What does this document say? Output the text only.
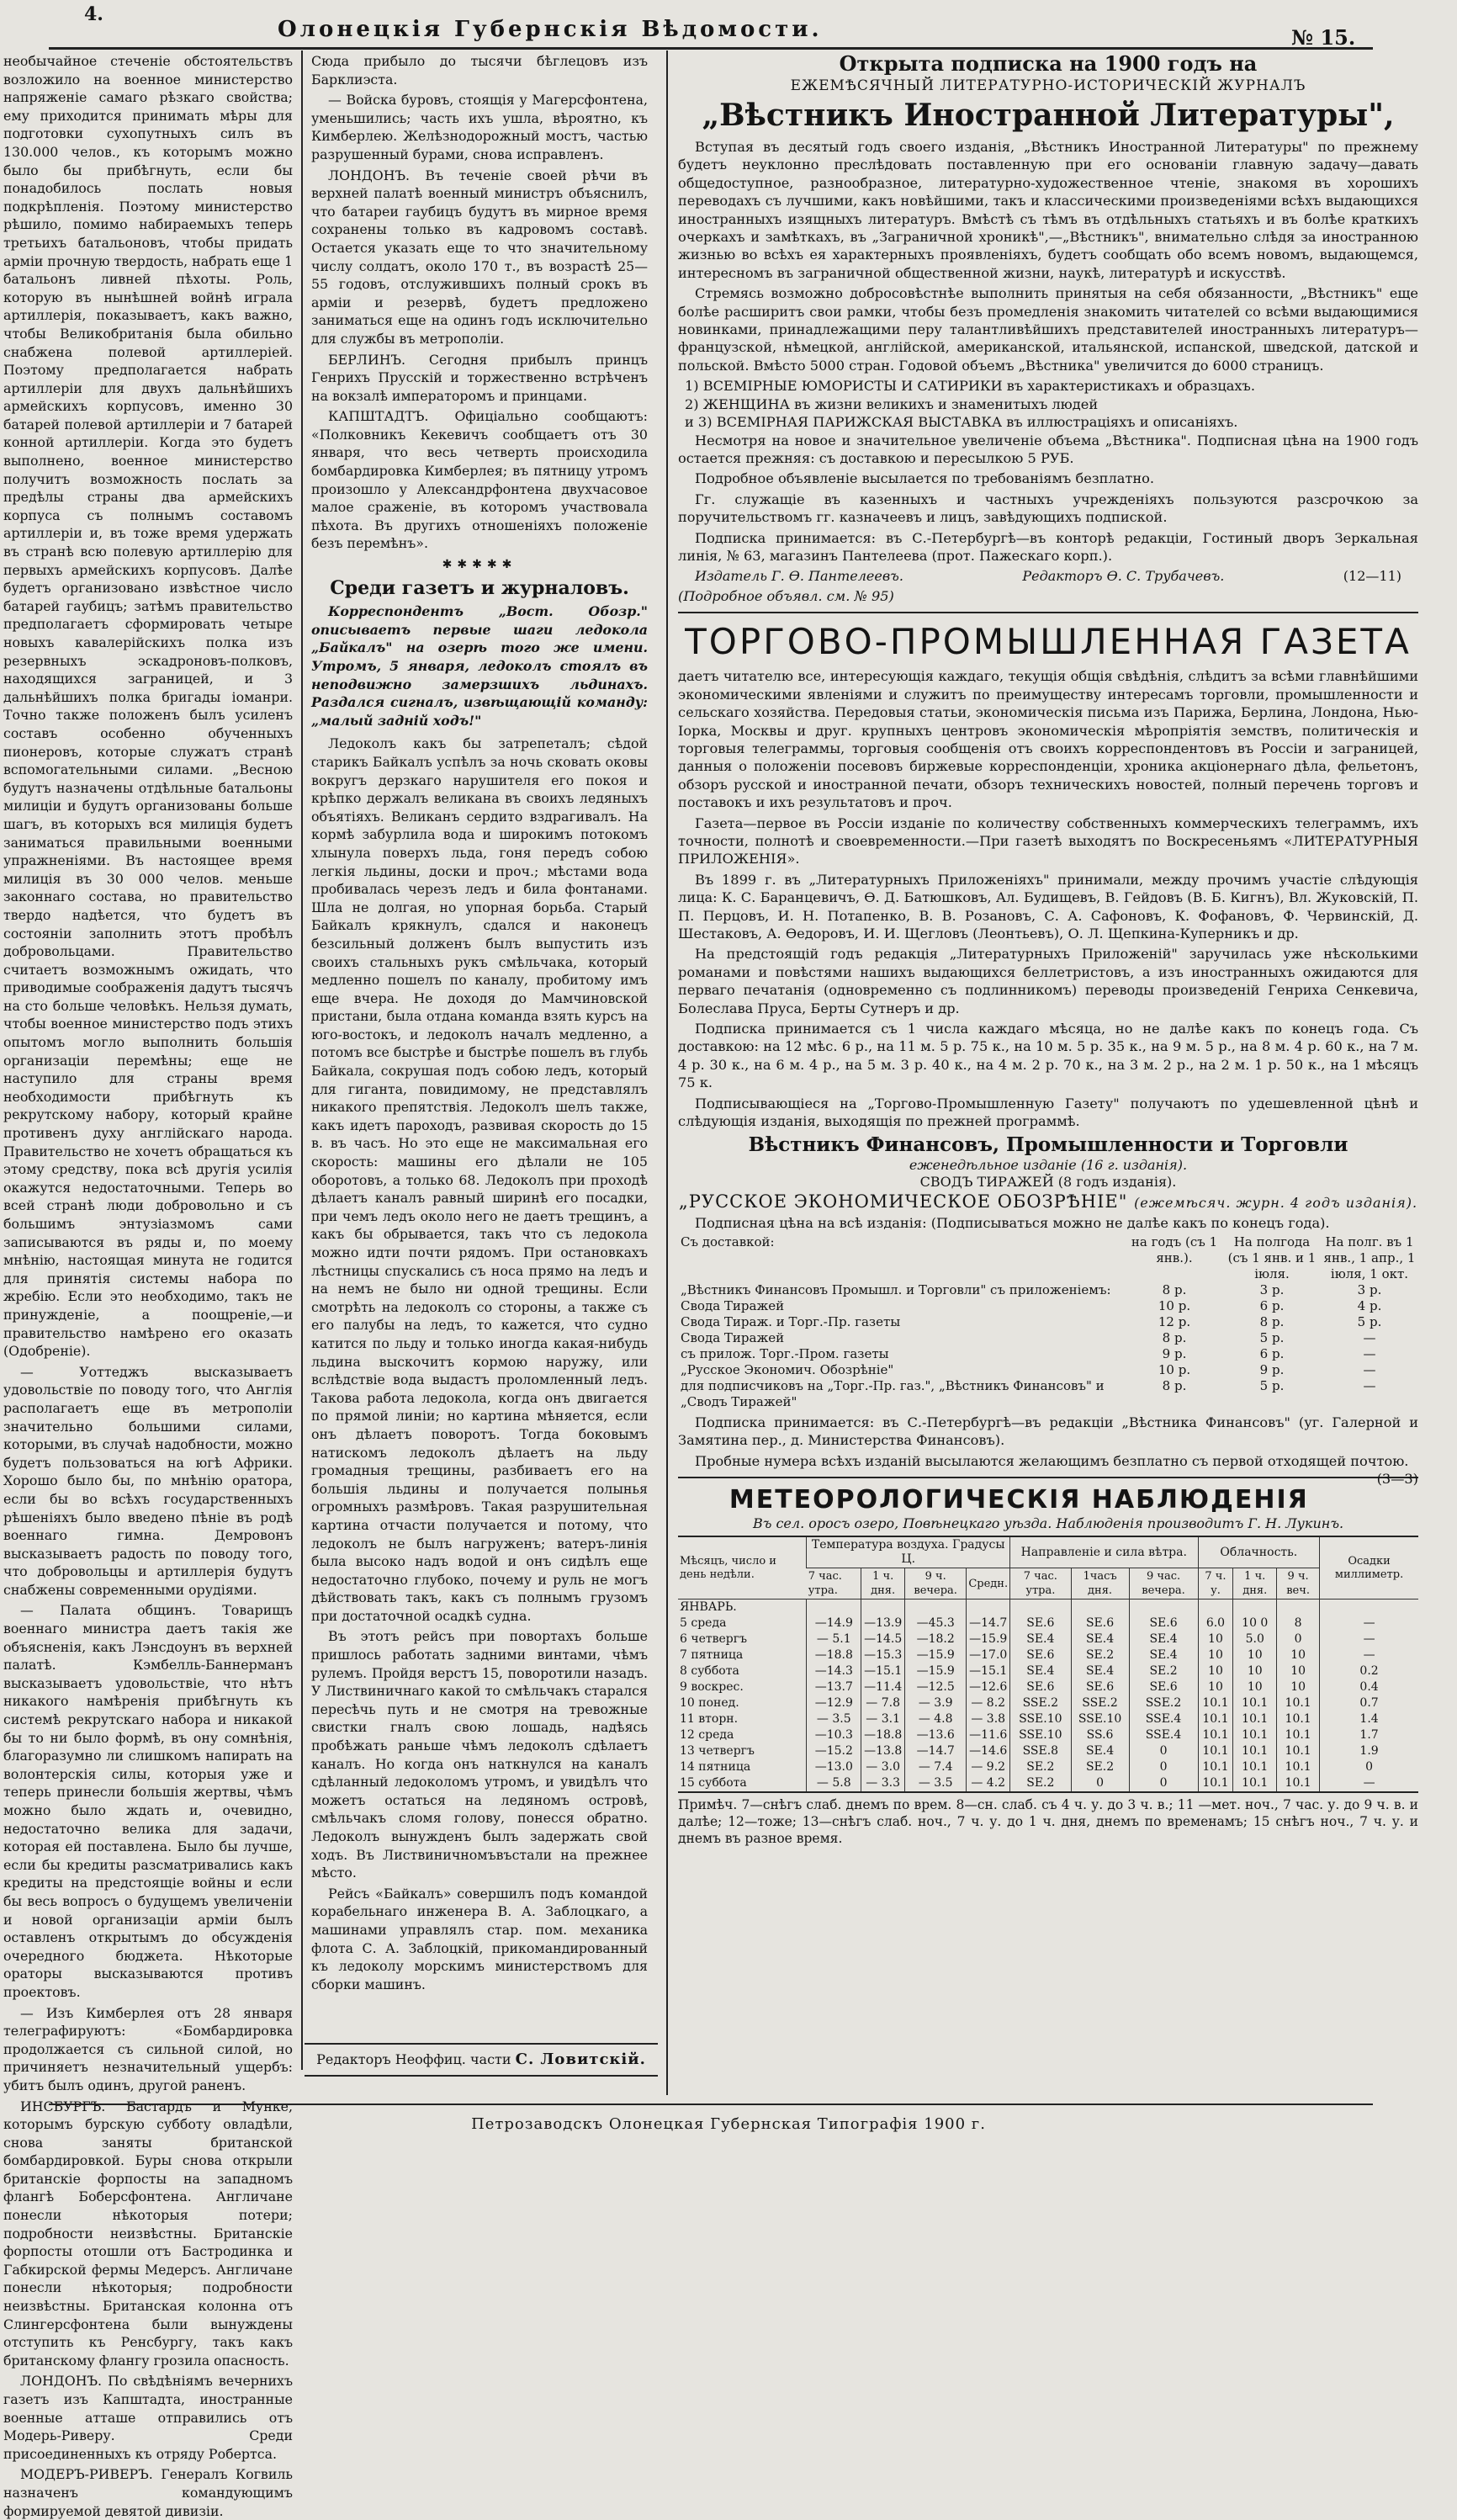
4.
Олонецкiя Губернскiя Вѣдомости.	№ 15.

необычайное стеченiе обстоятельствъ возложило на военное министерство напряженiе самаго рѣзкаго свойства; ему приходится принимать мѣры для подготовки сухопутныхъ силъ въ 130.000 челов., къ которымъ можно было бы прибѣгнуть, если бы понадобилось послать новыя подкрѣпленiя. Поэтому министерство рѣшило, помимо набираемыхъ теперь третьихъ батальоновъ, чтобы придать армiи прочную твердость, набрать еще 1 батальонъ ливней пѣхоты. Роль, которую въ нынѣшней войнѣ играла артиллерiя, показываетъ, какъ важно, чтобы Великобританiя была обильно снабжена полевой артиллерiей. Поэтому предполагается набрать артиллерiи для двухъ дальнѣйшихъ армейскихъ корпусовъ, именно 30 батарей полевой артиллерiи и 7 батарей конной артиллерiи. Когда это будетъ выполнено, военное министерство получитъ возможность послать за предѣлы страны два армейскихъ корпуса съ полнымъ составомъ артиллерiи и, въ тоже время удержать въ странѣ всю полевую артиллерiю для первыхъ армейскихъ корпусовъ. Далѣе будетъ организовано извѣстное число батарей гаубицъ; затѣмъ правительство предполагаетъ сформировать четыре новыхъ кавалерiйскихъ полка изъ резервныхъ эскадроновъ-полковъ, находящихся заграницей, и 3 дальнѣйшихъ полка бригады iоманри. Точно также положенъ былъ усиленъ составъ особенно обученныхъ пионеровъ, которые служатъ странѣ вспомогательными силами. „Весною будутъ назначены отдѣльные батальоны милицiи и будутъ организованы больше шагъ, въ которыхъ вся милицiя будетъ заниматься правильными военными упражненiями. Въ настоящее время милицiя въ 30 000 челов. меньше законнаго состава, но правительство твердо надѣется, что будетъ въ состоянiи заполнить этотъ пробѣлъ добровольцами. Правительство считаетъ возможнымъ ожидать, что приводимые соображенiя дадутъ тысячъ на сто больше человѣкъ. Нельзя думать, чтобы военное министерство подъ этихъ опытомъ могло выполнить большiя организацiи перемѣны; еще не наступило для страны время необходимости прибѣгнуть къ рекрутскому набору, который крайне противенъ духу англiйскаго народа. Правительство не хочетъ обращаться къ этому средству, пока всѣ другiя усилiя окажутся недостаточными. Теперь во всей странѣ люди добровольно и съ большимъ энтузiазмомъ сами записываются въ ряды и, по моему мнѣнiю, настоящая минута не годится для принятiя системы набора по жребiю. Если это необходимо, такъ не принужденiе, а поощренiе,—и правительство намѣрено его оказать (Одобренiе).

— Уоттеджъ высказываетъ удовольствiе по поводу того, что Англiя располагаетъ еще въ метрополiи значительно большими силами, которыми, въ случаѣ надобности, можно будетъ пользоваться на югѣ Африки. Хорошо было бы, по мнѣнiю оратора, если бы во всѣхъ государственныхъ рѣшенiяхъ было введено пѣнiе въ родѣ военнаго гимна. Демровонъ высказываетъ радость по поводу того, что добровольцы и артиллерiя будутъ снабжены современными орудiями.

— Палата общинъ. Товарищъ военнаго министра даетъ такiя же объясненiя, какъ Лэнсдоунъ въ верхней палатѣ. Кэмбелль-Баннерманъ высказываетъ удовольствiе, что нѣтъ никакого намѣренiя прибѣгнуть къ системѣ рекрутскаго набора и никакой бы то ни было формѣ, въ ону сомнѣнiя, благоразумно ли слишкомъ напирать на волонтерскiя силы, которыя уже и теперь принесли большiя жертвы, чѣмъ можно было ждать и, очевидно, недостаточно велика для задачи, которая ей поставлена. Было бы лучше, если бы кредиты разсматривались какъ кредиты на предстоящiе войны и если бы весь вопросъ о будущемъ увеличенiи и новой организацiи армiи былъ оставленъ открытымъ до обсужденiя очередного бюджета. Нѣкоторые ораторы высказываются противъ проектовъ.

— Изъ Кимберлея отъ 28 января телеграфируютъ: «Бомбардировка продолжается съ сильной силой, но причиняетъ незначительный ущербъ: убитъ былъ одинъ, другой раненъ.

ИНСБУРГЪ. Бастардъ и Мунке, которымъ бурскую субботу овладѣли, снова заняты британской бомбардировкой. Буры снова открыли британскiе форпосты на западномъ флангѣ Боберсфонтена. Англичане понесли нѣкоторыя потери; подробности неизвѣстны. Британскiе форпосты отошли отъ Бастродинка и Габкирской фермы Медерсъ. Англичане понесли нѣкоторыя; подробности неизвѣстны. Британская колонна отъ Слингерсфонтена были вынуждены отступить къ Ренсбургу, такъ какъ британскому флангу грозила опасность.

ЛОНДОНЪ. По свѣдѣнiямъ вечернихъ газетъ изъ Капштадта, иностранные военные атташе отправились отъ Модерь-Риверу. Среди присоединенныхъ къ отряду Робертса.

МОДЕРЪ-РИВЕРЪ. Генералъ Когвиль назначенъ командующимъ формируемой девятой дивизiи.

Сюда прибыло до тысячи бѣглецовъ изъ Барклиэста.

— Войска буровъ, стоящiя у Магерсфонтена, уменьшились; часть ихъ ушла, вѣроятно, къ Кимберлею. Желѣзнодорожный мостъ, частью разрушенный бурами, снова исправленъ.

ЛОНДОНЪ. Въ теченiе своей рѣчи въ верхней палатѣ военный министръ объяснилъ, что батареи гаубицъ будутъ въ мирное время сохранены только въ кадровомъ составѣ. Остается указать еще то что значительному числу солдатъ, около 170 т., въ возрастѣ 25—55 годовъ, отслужившихъ полный срокъ въ армiи и резервѣ, будетъ предложено заниматься еще на одинъ годъ исключительно для службы въ метрополiи.

БЕРЛИНЪ. Сегодня прибылъ принцъ Генрихъ Прусскiй и торжественно встрѣченъ на вокзалѣ императоромъ и принцами.

КАПШТАДТЪ. Офицiально сообщаютъ: «Полковникъ Кекевичъ сообщаетъ отъ 30 января, что весь четверть происходила бомбардировка Кимберлея; въ пятницу утромъ произошло у Александрфонтена двухчасовое малое сраженiе, въ которомъ участвовала пѣхота. Въ другихъ отношенiяхъ положенiе безъ перемѣнъ».

✱✱✱✱✱
Среди газетъ и журналовъ.

Корреспондентъ „Вост. Обозр." описываетъ первые шаги ледокола „Байкалъ" на озерѣ того же имени. Утромъ, 5 января, ледоколъ стоялъ въ неподвижно замерзшихъ льдинахъ. Раздался сигналъ, извѣщающiй команду: „малый заднiй ходъ!"

Ледоколъ какъ бы затрепеталъ; сѣдой старикъ Байкалъ успѣлъ за ночь сковать оковы вокругъ дерзкаго нарушителя его покоя и крѣпко держалъ великана въ своихъ ледяныхъ объятiяхъ. Великанъ сердито вздрагивалъ. На кормѣ забурлила вода и широкимъ потокомъ хлынула поверхъ льда, гоня передъ собою легкiя льдины, доски и проч.; мѣстами вода пробивалась черезъ ледъ и била фонтанами. Шла не долгая, но упорная борьба. Старый Байкалъ крякнулъ, сдался и наконецъ безсильный долженъ былъ выпустить изъ своихъ стальныхъ рукъ смѣльчака, который медленно пошелъ по каналу, пробитому имъ еще вчера. Не доходя до Мамчиновской пристани, была отдана команда взять курсъ на юго-востокъ, и ледоколъ началъ медленно, а потомъ все быстрѣе и быстрѣе пошелъ въ глубь Байкала, сокрушая подъ собою ледъ, который для гиганта, повидимому, не представлялъ никакого препятствiя. Ледоколъ шелъ также, какъ идетъ пароходъ, развивая скорость до 15 в. въ часъ. Но это еще не максимальная его скорость: машины его дѣлали не 105 оборотовъ, а только 68. Ледоколъ при проходѣ дѣлаетъ каналъ равный ширинѣ его посадки, при чемъ ледъ около него не даетъ трещинъ, а какъ бы обрывается, такъ что съ ледокола можно идти почти рядомъ. При остановкахъ лѣстницы спускались съ носа прямо на ледъ и на немъ не было ни одной трещины. Если смотрѣть на ледоколъ со стороны, а также съ его палубы на ледъ, то кажется, что судно катится по льду и только иногда какая-нибудь льдина выскочитъ кормою наружу, или вслѣдствiе вода выдастъ проломленный ледъ. Такова работа ледокола, когда онъ двигается по прямой линiи; но картина мѣняется, если онъ дѣлаетъ поворотъ. Тогда боковымъ натискомъ ледоколъ дѣлаетъ на льду громадныя трещины, разбиваетъ его на большiя льдины и получается полынья огромныхъ размѣровъ. Такая разрушительная картина отчасти получается и потому, что ледоколъ не былъ нагруженъ; ватеръ-линiя была высоко надъ водой и онъ сидѣлъ еще недостаточно глубоко, почему и руль не могъ дѣйствовать такъ, какъ съ полнымъ грузомъ при достаточной осадкѣ судна.

Въ этотъ рейсъ при повортахъ больше пришлось работать задними винтами, чѣмъ рулемъ. Пройдя верстъ 15, поворотили назадъ. У Листвиничнаго какой то смѣльчакъ старался пересѣчь путь и не смотря на тревожные свистки гналъ свою лошадь, надѣясь пробѣжать раньше чѣмъ ледоколъ сдѣлаетъ каналъ. Но когда онъ наткнулся на каналъ сдѣланный ледоколомъ утромъ, и увидѣлъ что можетъ остаться на ледяномъ островѣ, смѣльчакъ сломя голову, понесся обратно. Ледоколъ вынужденъ былъ задержать свой ходъ. Въ Листвиничномъвъстали на прежнее мѣсто.

Рейсъ «Байкалъ» совершилъ подъ командой корабельнаго инженера В. А. Заблоцкаго, а машинами управлялъ стар. пом. механика флота С. А. Заблоцкiй, прикомандированный къ ледоколу морскимъ министерствомъ для сборки машинъ.

Редакторъ Неоффиц. части С. Ловитскiй.
Открыта подписка на 1900 годъ на
ЕЖЕМѢСЯЧНЫЙ ЛИТЕРАТУРНО-ИСТОРИЧЕСКIЙ ЖУРНАЛЪ
„Вѣстникъ Иностранной Литературы",

Вступая въ десятый годъ своего изданiя, „Вѣстникъ Иностранной Литературы" по прежнему будетъ неуклонно преслѣдовать поставленную при его основанiи главную задачу—давать общедоступное, разнообразное, литературно-художественное чтенiе, знакомя въ хорошихъ переводахъ съ лучшими, какъ новѣйшими, такъ и классическими произведенiями всѣхъ выдающихся иностранныхъ изящныхъ литературъ. Вмѣстѣ съ тѣмъ въ отдѣльныхъ статьяхъ и въ болѣе краткихъ очеркахъ и замѣткахъ, въ „Заграничной хроникѣ",—„Вѣстникъ", внимательно слѣдя за иностранною жизнью во всѣхъ ея характерныхъ проявленiяхъ, будетъ сообщать обо всемъ новомъ, выдающемся, интересномъ въ заграничной общественной жизни, наукѣ, литературѣ и искусствѣ.

Стремясь возможно добросовѣстнѣе выполнить принятыя на себя обязанности, „Вѣстникъ" еще болѣе расширитъ свои рамки, чтобы безъ промедленiя знакомить читателей со всѣми выдающимися новинками, принадлежащими перу талантливѣйшихъ представителей иностранныхъ литературъ—французской, нѣмецкой, англiйской, американской, итальянской, испанской, шведской, датской и польской. Вмѣсто 5000 стран. Годовой объемъ „Вѣстника" увеличится до 6000 страницъ.

1) ВСЕМIРНЫЕ ЮМОРИСТЫ И САТИРИКИ въ характеристикахъ и образцахъ.

2) ЖЕНЩИНА въ жизни великихъ и знаменитыхъ людей

и 3) ВСЕМIРНАЯ ПАРИЖСКАЯ ВЫСТАВКА въ иллюстрацiяхъ и описанiяхъ.

Несмотря на новое и значительное увеличенiе объема „Вѣстника". Подписная цѣна на 1900 годъ остается прежняя: съ доставкою и пересылкою 5 РУБ.

Подробное объявленiе высылается по требованiямъ безплатно.

Гг. служащiе въ казенныхъ и частныхъ учрежденiяхъ пользуются разсрочкою за поручительствомъ гг. казначеевъ и лицъ, завѣдующихъ подпиской.

Подписка принимается: въ С.-Петербургѣ—въ конторѣ редакцiи, Гостиный дворъ Зеркальная линiя, № 63, магазинъ Пантелеева (прот. Пажескаго корп.).

Издатель Г. Ѳ. Пантелеевъ.	Редакторъ Ѳ. С. Трубачевъ.	(12—11)

(Подробное объявл. см. № 95)

ТОРГОВО-ПРОМЫШЛЕННАЯ ГАЗЕТА

даетъ читателю все, интересующiя каждаго, текущiя общiя свѣдѣнiя, слѣдитъ за всѣми главнѣйшими экономическими явленiями и служитъ по преимуществу интересамъ торговли, промышленности и сельскаго хозяйства. Передовыя статьи, экономическiя письма изъ Парижа, Берлина, Лондона, Нью-Iорка, Москвы и друг. крупныхъ центровъ экономическiя мѣропрiятiя земствъ, политическiя и торговыя телеграммы, торговыя сообщенiя отъ своихъ корреспондентовъ въ Россiи и заграницей, данныя о положенiи посевовъ биржевые корреспонденцiи, хроника акцiонернаго дѣла, фельетонъ, обзоръ русской и иностранной печати, обзоръ техническихъ новостей, полный перечень торговъ и поставокъ и ихъ результатовъ и проч.

Газета—первое въ Россiи изданiе по количеству собственныхъ коммерческихъ телеграммъ, ихъ точности, полнотѣ и своевременности.—При газетѣ выходятъ по Воскресеньямъ «ЛИТЕРАТУРНЫЯ ПРИЛОЖЕНIЯ».

Въ 1899 г. въ „Литературныхъ Приложенiяхъ" принимали, между прочимъ участiе слѣдующiя лица: К. С. Баранцевичъ, Ѳ. Д. Батюшковъ, Ал. Будищевъ, В. Гейдовъ (В. Б. Кигнъ), Вл. Жуковскiй, П. П. Перцовъ, И. Н. Потапенко, В. В. Розановъ, С. А. Сафоновъ, К. Фофановъ, Ф. Червинскiй, Д. Шестаковъ, А. Ѳедоровъ, И. И. Щегловъ (Леонтьевъ), О. Л. Щепкина-Куперникъ и др.

На предстоящiй годъ редакцiя „Литературныхъ Приложенiй" заручилась уже нѣсколькими романами и повѣстями нашихъ выдающихся беллетристовъ, а изъ иностранныхъ ожидаются для перваго печатанiя (одновременно съ подлинникомъ) переводы произведенiй Генриха Сенкевича, Болеслава Пруса, Берты Сутнеръ и др.

Подписка принимается съ 1 числа каждаго мѣсяца, но не далѣе какъ по конецъ года. Съ доставкою: на 12 мѣс. 6 р., на 11 м. 5 р. 75 к., на 10 м. 5 р. 35 к., на 9 м. 5 р., на 8 м. 4 р. 60 к., на 7 м. 4 р. 30 к., на 6 м. 4 р., на 5 м. 3 р. 40 к., на 4 м. 2 р. 70 к., на 3 м. 2 р., на 2 м. 1 р. 50 к., на 1 мѣсяцъ 75 к.

Подписывающiеся на „Торгово-Промышленную Газету" получаютъ по удешевленной цѣнѣ и слѣдующiя изданiя, выходящiя по прежней программѣ.

Вѣстникъ Финансовъ, Промышленности и Торговли
еженедѣльное изданiе (16 г. изданiя).
СВОДЪ ТИРАЖЕЙ (8 годъ изданiя).
„РУССКОЕ ЭКОНОМИЧЕСКОЕ ОБОЗРѢНIЕ" (ежемѣсяч. журн. 4 годъ изданiя).

Подписная цѣна на всѣ изданiя: (Подписываться можно не далѣе какъ по конецъ года).

Съ доставкой:	на годъ (съ 1 янв.).	На полгода (съ 1 янв. и 1 iюля.	На полг. въ 1 янв., 1 апр., 1 iюля, 1 окт.
„Вѣстникъ Финансовъ Промышл. и Торговли" съ приложенiемъ:	8 р.	3 р.	3 р.
Свода Тиражей	10 р.	6 р.	4 р.
Свода Тираж. и Торг.-Пр. газеты	12 р.	8 р.	5 р.
Свода Тиражей	8 р.	5 р.	—
съ прилож. Торг.-Пром. газеты	9 р.	6 р.	—
„Русское Экономич. Обозрѣнiе"	10 р.	9 р.	—
для подписчиковъ на „Торг.-Пр. газ.", „Вѣстникъ Финансовъ" и „Сводъ Тиражей"	8 р.	5 р.	—

Подписка принимается: въ С.-Петербургѣ—въ редакцiи „Вѣстника Финансовъ" (уг. Галерной и Замятина пер., д. Министерства Финансовъ).

Пробные нумера всѣхъ изданiй высылаются желающимъ безплатно съ первой отходящей почтою.
(3—3)

МЕТЕОРОЛОГИЧЕСКIЯ НАБЛЮДЕНIЯ
Въ сел. оросъ озеро, Повѣнецкаго уѣзда. Наблюденiя производитъ Г. Н. Лукинъ.
Мѣсяцъ, число и день недѣли.	Температура воздуха. Градусы Ц.				Направленiе и сила вѣтра.			Облачность.			Осадки миллиметр.
	7 час. утра.	1 ч. дня.	9 ч. вечера.	Средн.	7 час. утра.	1часъ дня.	9 час. вечера.	7 ч. у.	1 ч. дня.	9 ч. веч.	
ЯНВАРЬ.											
5 среда	—14.9	—13.9	—45.3	—14.7	SE.6	SE.6	SE.6	6.0	10 0	8	—
6 четвергъ	— 5.1	—14.5	—18.2	—15.9	SE.4	SE.4	SE.4	10	5.0	0	—
7 пятница	—18.8	—15.3	—15.9	—17.0	SE.6	SE.2	SE.4	10	10	10	—
8 суббота	—14.3	—15.1	—15.9	—15.1	SE.4	SE.4	SE.2	10	10	10	0.2
9 воскрес.	—13.7	—11.4	—12.5	—12.6	SE.6	SE.6	SE.6	10	10	10	0.4
10 понед.	—12.9	— 7.8	— 3.9	— 8.2	SSE.2	SSE.2	SSE.2	10.1	10.1	10.1	0.7
11 вторн.	— 3.5	— 3.1	— 4.8	— 3.8	SSE.10	SSE.10	SSE.4	10.1	10.1	10.1	1.4
12 среда	—10.3	—18.8	—13.6	—11.6	SSE.10	SS.6	SSE.4	10.1	10.1	10.1	1.7
13 четвергъ	—15.2	—13.8	—14.7	—14.6	SSE.8	SE.4	0	10.1	10.1	10.1	1.9
14 пятница	—13.0	— 3.0	— 7.4	— 9.2	SE.2	SE.2	0	10.1	10.1	10.1	0
15 суббота	— 5.8	— 3.3	— 3.5	— 4.2	SE.2	0	0	10.1	10.1	10.1	—
Примѣч. 7—снѣгъ слаб. днемъ по врем. 8—сн. слаб. съ 4 ч. у. до 3 ч. в.; 11 —мет. ноч., 7 час. у. до 9 ч. в. и далѣе; 12—тоже; 13—снѣгъ слаб. ноч., 7 ч. у. до 1 ч. дня, днемъ по временамъ; 15 снѣгъ ноч., 7 ч. у. и днемъ въ разное время.
Петрозаводскъ Олонецкая Губернская Типографiя 1900 г.
